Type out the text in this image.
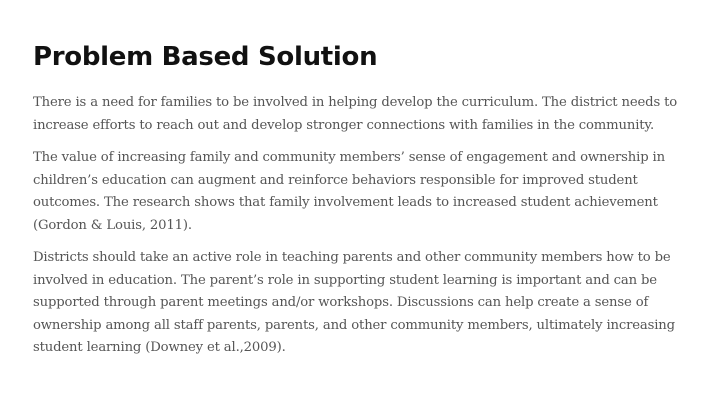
Problem Based Solution

There is a need for families to be involved in helping develop the curriculum. The district needs to increase efforts to reach out and develop stronger connections with families in the community.

The value of increasing family and community members’ sense of engagement and ownership in children’s education can augment and reinforce behaviors responsible for improved student outcomes. The research shows that family involvement leads to increased student achievement (Gordon & Louis, 2011).

Districts should take an active role in teaching parents and other community members how to be involved in education. The parent’s role in supporting student learning is important and can be supported through parent meetings and/or workshops. Discussions can help create a sense of ownership among all staff parents, parents, and other community members, ultimately increasing student learning (Downey et al.,2009).
